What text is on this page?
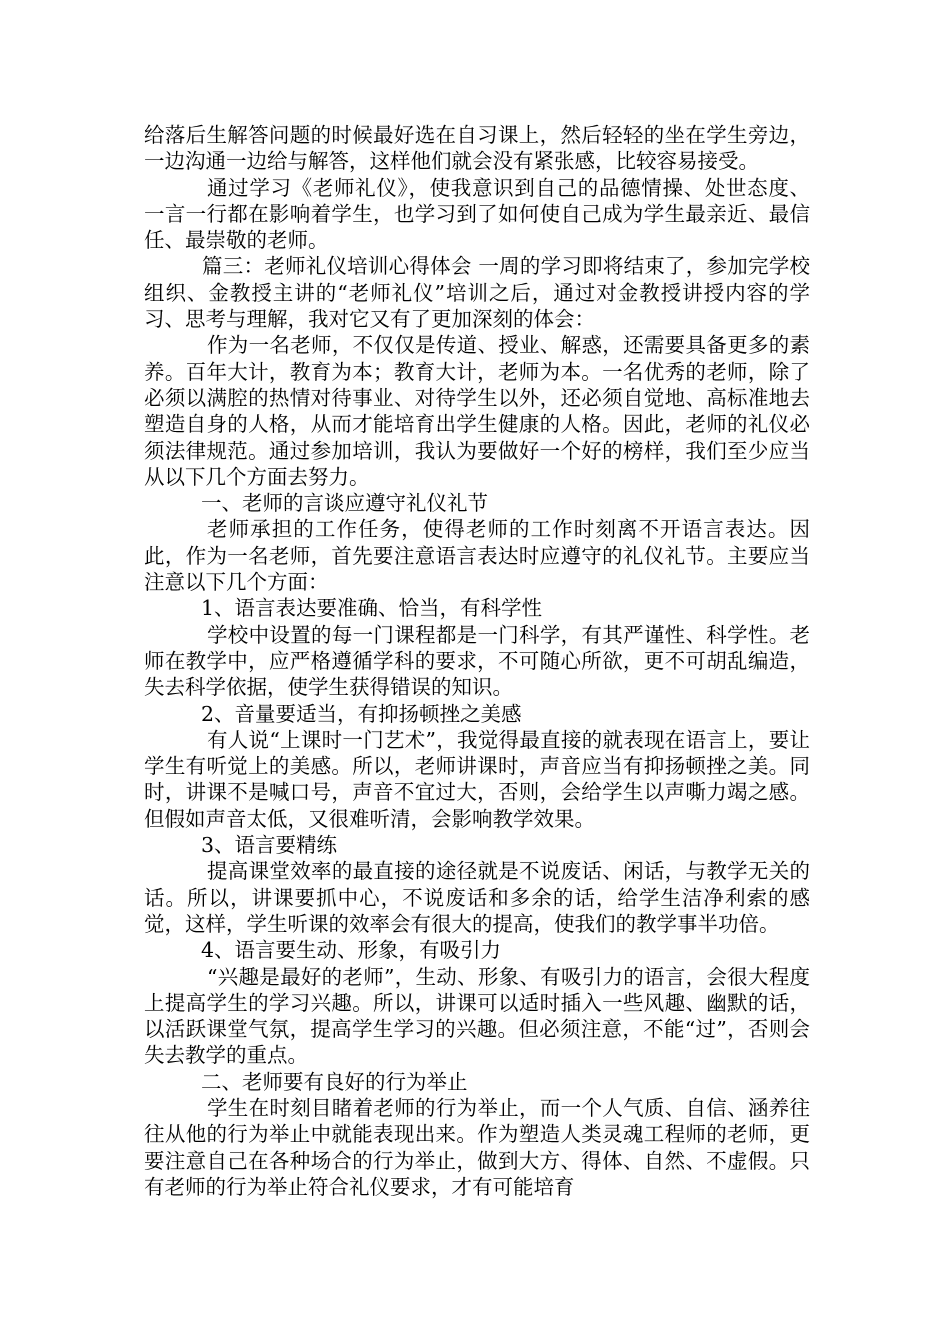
给落后生解答问题的时候最好选在自习课上，然后轻轻的坐在学生旁边，一边沟通一边给与解答，这样他们就会没有紧张感，比较容易接受。

通过学习《老师礼仪》，使我意识到自己的品德情操、处世态度、一言一行都在影响着学生，也学习到了如何使自己成为学生最亲近、最信任、最崇敬的老师。

篇三：老师礼仪培训心得体会 一周的学习即将结束了，参加完学校组织、金教授主讲的“老师礼仪”培训之后，通过对金教授讲授内容的学习、思考与理解，我对它又有了更加深刻的体会：

作为一名老师，不仅仅是传道、授业、解惑，还需要具备更多的素养。百年大计，教育为本；教育大计，老师为本。一名优秀的老师，除了必须以满腔的热情对待事业、对待学生以外，还必须自觉地、高标准地去塑造自身的人格，从而才能培育出学生健康的人格。因此，老师的礼仪必须法律规范。通过参加培训，我认为要做好一个好的榜样，我们至少应当从以下几个方面去努力。

一、老师的言谈应遵守礼仪礼节

老师承担的工作任务，使得老师的工作时刻离不开语言表达。因此，作为一名老师，首先要注意语言表达时应遵守的礼仪礼节。主要应当注意以下几个方面：

1、语言表达要准确、恰当，有科学性

学校中设置的每一门课程都是一门科学，有其严谨性、科学性。老师在教学中，应严格遵循学科的要求，不可随心所欲，更不可胡乱编造，失去科学依据，使学生获得错误的知识。

2、音量要适当，有抑扬顿挫之美感

有人说“上课时一门艺术”，我觉得最直接的就表现在语言上，要让学生有听觉上的美感。所以，老师讲课时，声音应当有抑扬顿挫之美。同时，讲课不是喊口号，声音不宜过大，否则，会给学生以声嘶力竭之感。但假如声音太低，又很难听清，会影响教学效果。

3、语言要精练

提高课堂效率的最直接的途径就是不说废话、闲话，与教学无关的话。所以，讲课要抓中心，不说废话和多余的话，给学生洁净利索的感觉，这样，学生听课的效率会有很大的提高，使我们的教学事半功倍。

4、语言要生动、形象，有吸引力

“兴趣是最好的老师”，生动、形象、有吸引力的语言，会很大程度上提高学生的学习兴趣。所以，讲课可以适时插入一些风趣、幽默的话，以活跃课堂气氛，提高学生学习的兴趣。但必须注意，不能“过”，否则会失去教学的重点。

二、老师要有良好的行为举止

学生在时刻目睹着老师的行为举止，而一个人气质、自信、涵养往往从他的行为举止中就能表现出来。作为塑造人类灵魂工程师的老师，更要注意自己在各种场合的行为举止，做到大方、得体、自然、不虚假。只有老师的行为举止符合礼仪要求，才有可能培育
